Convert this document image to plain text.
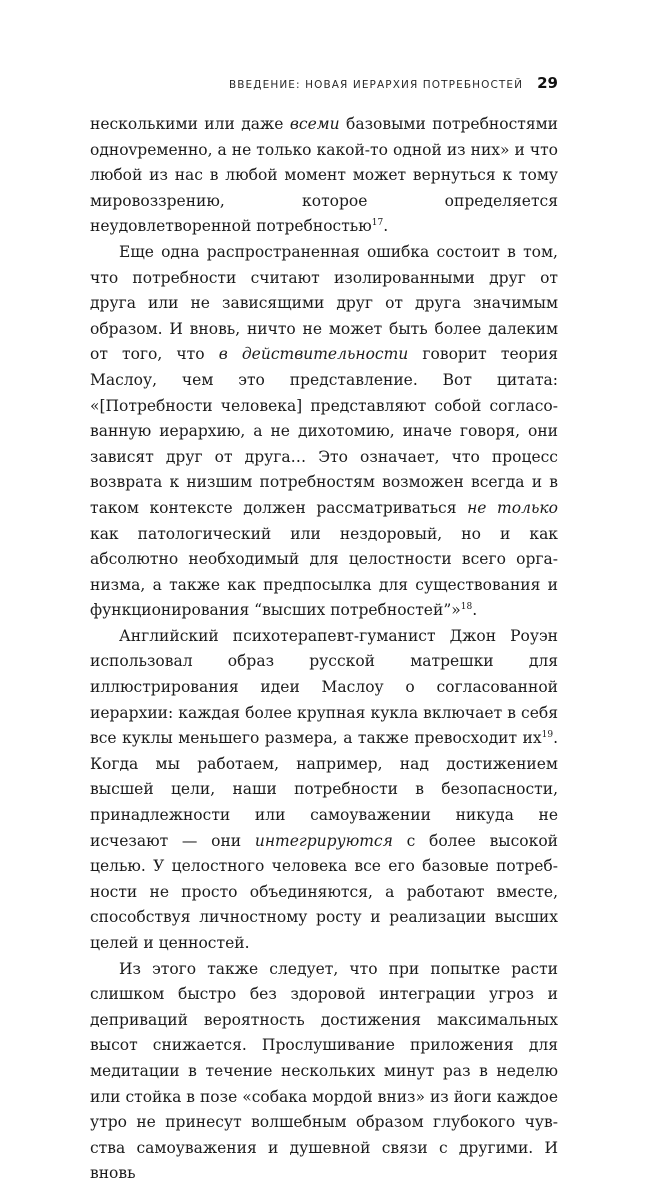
ВВЕДЕНИЕ: НОВАЯ ИЕРАРХИЯ ПОТРЕБНОСТЕЙ 29

несколькими или даже всеми базовыми потребностями одноvременно, а не только какой-то одной из них» и что любой из нас в любой момент может вернуться к тому мировоззрению, которое определяется неудовлетворенной потребностью$^{17}$.

Еще одна распространенная ошибка состоит в том, что потребности считают изолированными друг от друга или не зависящими друг от друга значимым образом. И вновь, ничто не может быть более далеким от того, что в действительности говорит теория Маслоу, чем это представление. Вот цитата: «[Потребности человека] представляют собой согласованную иерархию, а не дихотомию, иначе говоря, они зависят друг от друга… Это означает, что процесс возврата к низшим потребностям возможен всегда и в таком контексте должен рассматриваться не только как патологический или нездоровый, но и как абсолютно необходимый для целостности всего организма, а также как предпосылка для существования и функционирования “высших потребностей”»$^{18}$.

Английский психотерапевт-гуманист Джон Роуэн использовал образ русской матрешки для иллюстрирования идеи Маслоу о согласованной иерархии: каждая более крупная кукла включает в себя все куклы меньшего размера, а также превосходит $их^{19}$. Когда мы работаем, например, над достижением высшей цели, наши потребности в безопасности, принадлежности или самоуважении никуда не исчезают — они интегрируются с более высокой целью. У целостного человека все его базовые потребности не просто объединяются, а работают вместе, способствуя личностному росту и реализации высших целей и ценностей.

Из этого также следует, что при попытке расти слишком быстро без здоровой интеграции угроз и деприваций вероятность достижения максимальных высот снижается. Прослушивание приложения для медитации в течение нескольких минут раз в неделю или стойка в позе «собака мордой вниз» из йоги каждое утро не принесут волшебным образом глубокого чувства самоуважения и душевной связи с другими. И вновь
